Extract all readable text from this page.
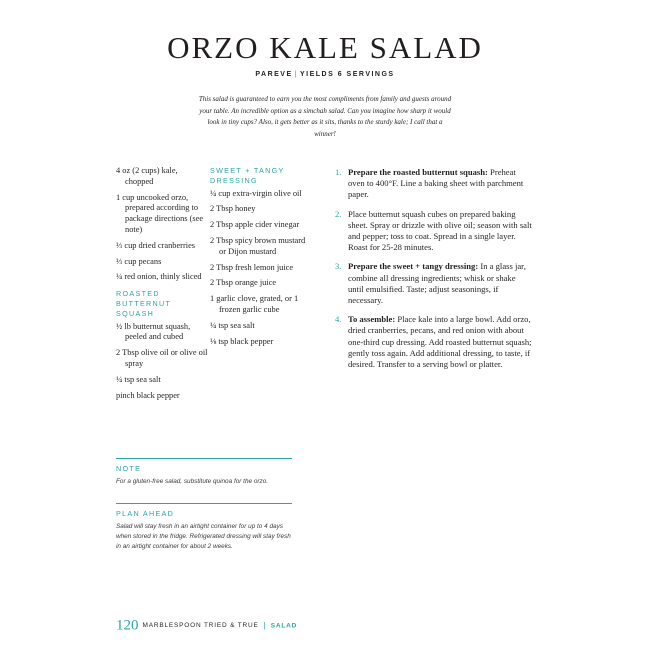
ORZO KALE SALAD
PAREVE | YIELDS 6 SERVINGS
This salad is guaranteed to earn you the most compliments from family and guests around your table. An incredible option as a simchah salad. Can you imagine how sharp it would look in tiny cups? Also, it gets better as it sits, thanks to the sturdy kale; I call that a winner!

4 oz (2 cups) kale, chopped

1 cup uncooked orzo, prepared according to package directions (see note)

⅓ cup dried cranberries

⅓ cup pecans

¼ red onion, thinly sliced

ROASTED BUTTERNUT SQUASH

½ lb butternut squash, peeled and cubed

2 Tbsp olive oil or olive oil spray

¼ tsp sea salt

pinch black pepper

SWEET + TANGY DRESSING

¼ cup extra-virgin olive oil

2 Tbsp honey

2 Tbsp apple cider vinegar

2 Tbsp spicy brown mustard or Dijon mustard

2 Tbsp fresh lemon juice

2 Tbsp orange juice

1 garlic clove, grated, or 1 frozen garlic cube

¼ tsp sea salt

⅛ tsp black pepper

1. Prepare the roasted butternut squash: Preheat oven to 400°F. Line a baking sheet with parchment paper.

2. Place butternut squash cubes on prepared baking sheet. Spray or drizzle with olive oil; season with salt and pepper; toss to coat. Spread in a single layer. Roast for 25-28 minutes.

3. Prepare the sweet + tangy dressing: In a glass jar, combine all dressing ingredients; whisk or shake until emulsified. Taste; adjust seasonings, if necessary.

4. To assemble: Place kale into a large bowl. Add orzo, dried cranberries, pecans, and red onion with about one-third cup dressing. Add roasted butternut squash; gently toss again. Add additional dressing, to taste, if desired. Transfer to a serving bowl or platter.

NOTE
For a gluten-free salad, substitute quinoa for the orzo.
PLAN AHEAD
Salad will stay fresh in an airtight container for up to 4 days when stored in the fridge. Refrigerated dressing will stay fresh in an airtight container for about 2 weeks.
120 MARBLESPOON TRIED & TRUE | SALAD
